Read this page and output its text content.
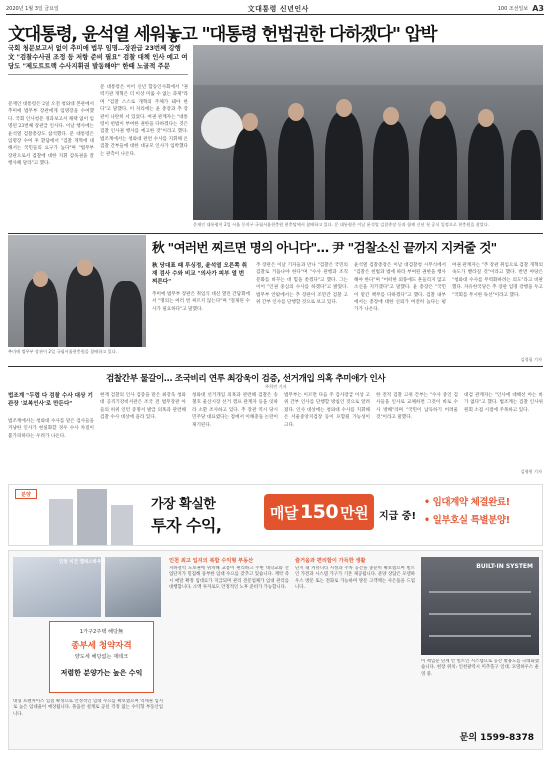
2020년 1월 3일 금요일	文대통령 신년인사	100 조선일보 A3
文대통령, 윤석열 세워놓고 "대통령 헌법권한 다하겠다" 압박
국회 청문보고서 없이 추미애 법무 임명…장관급 23번째 강행 文 "검찰수사권 조정 등 저항 준비 필요" 검찰 대책 인사 예고 여당도 "제도트트랙 수사지휘권 발동해야" 한때 노골적 주문
문재인 대통령은 2일 오전 청와대 본관에서 추미애 법무부 장관에게 임명장을 수여했다. 국회 인사청문 경과보고서 채택 없이 임명된 23번째 장관급 인사다. 이날 행사에는 윤석열 검찰총장도 참석했다. 문 대통령은 임명장 수여 후 환담에서 "검찰 개혁에 대해서는 국민들의 요구가 높다"며 "법무부 장관으로서 검찰에 대한 지휘 감독권을 잘 행사해 달라"고 했다.
문 대통령은 이어 신년 합동인사회에서 "권력기관 개혁은 더 이상 미룰 수 없는 과제"라며 "검찰 스스로 개혁의 주체가 돼야 한다"고 말했다. 이 자리에는 윤 총장과 추 장관이 나란히 서 있었다. 여권 관계자는 "대통령이 헌법이 부여한 권한을 다하겠다는 것은 검찰 인사권 행사를 예고한 것"이라고 했다. 법조계에서는 청와대 관련 수사를 지휘해 온 검찰 간부들에 대한 대규모 인사가 임박했다는 관측이 나온다.
문재인 대통령이 2일 서울 동작구 국립서울현충원 현충탑에서 참배하고 있다. 문 대통령은 이날 윤석열 검찰총장 등과 함께 신년 첫 공식 일정으로 현충원을 찾았다.
추미애 법무부 장관이 2일 국립서울현충원을 참배하고 있다.
秋 "여러번 찌르면 명의 아니다"… 尹 "검찰소신 끝까지 지켜줄 것"
秋 당대표 때 루싱정, 윤석열 오른쪽 취재 검사 수와 비교 "의사가 피부 열 번 찌른다"
추미애 법무부 장관은 취임식 대신 열린 간담회에서 "명의는 여러 번 찌르지 않는다"며 "절제된 수사가 필요하다"고 말했다.
추 장관은 이날 기자들과 만나 "검찰은 국민의 검찰로 거듭나야 한다"며 "수사 관행과 조직 문화를 바꾸는 데 힘을 쏟겠다"고 했다. 그는 이어 "인권 중심의 수사를 하겠다"고 밝혔다. 법무부 안팎에서는 추 장관이 조만간 검찰 고위 간부 인사를 단행할 것으로 보고 있다.
윤석열 검찰총장은 이날 대검찰청 시무식에서 "검찰은 헌법과 법에 따라 부여된 권한을 행사해야 한다"며 "어떠한 외풍에도 흔들리지 않고 소신을 지키겠다"고 말했다. 윤 총장은 "국민이 맡긴 책무를 다하겠다"고 했다. 검찰 내부에서는 총장에 대한 신뢰가 여전히 높다는 평가가 나온다.
여권 관계자는 "추 장관 취임으로 검찰 개혁의 속도가 빨라질 것"이라고 했다. 반면 야당은 "청와대 수사를 무력화하려는 의도"라고 비판했다. 자유한국당은 추 장관 임명 강행을 두고 "국회를 무시한 독선"이라고 했다.
김경필 기자
검찰간부 물갈이… 조국비리 연루 최강욱이 검증, 선거개입 의혹 추미애가 인사
주희연 기자
법조계 "두렵 다 검찰 수사 대상 기관장 '보복인사'로 만든다"
법조계에서는 청와대 수사를 맡은 검사들을 겨냥한 인사가 현실화할 경우 수사 차질이 불가피하다는 우려가 나온다.
현재 검찰의 인사 검증을 맡은 최강욱 청와대 공직기강비서관은 조국 전 법무장관 아들의 허위 인턴 증명서 발급 의혹과 관련해 검찰 수사 대상에 올라 있다.
청와대 선거개입 의혹과 관련해 검찰은 송철호 울산시장 선거 캠프 관계자 등을 잇따라 소환 조사하고 있다. 추 장관 역시 당시 민주당 대표였다는 점에서 이해충돌 논란이 제기된다.
법무부는 이르면 다음 주 검사장급 이상 고위 간부 인사를 단행할 방침인 것으로 알려졌다. 인사 대상에는 청와대 수사를 지휘해 온 서울중앙지검장 등이 포함될 가능성이 크다.
한 전직 검찰 고위 간부는 "수사 중인 검사들을 인사로 교체하면 그것이 바로 수사 방해"라며 "국민이 납득하기 어려울 것"이라고 말했다.
대검 관계자는 "인사에 대해선 아는 바가 없다"고 했다. 법조계는 검찰 인사위원회 소집 시점에 주목하고 있다.
김형원 기자
분양
가장 확실한
투자 수익,
매달 150 만원 지급 중!
• 임대계약 체결완료!
• 일부호실 특별분양!
인천 미건 캠퍼스하우스
1가구2주택 해당無
종부세 청약자격
양도세 해당없는 재테크
저렴한 분양가는 높은 수익
대형 프랜차이즈 입점 확정으로 안정적인 임대 수요를 확보했으며 역세권 입지로 높은 임대율이 예상됩니다. 풀옵션 설계로 공실 걱정 없는 수익형 부동산입니다.
인천 최고 입지의 복합 수익형 부동산
지하철역 도보권에 위치해 교통이 편리하고 주변 대학교와 산업단지가 밀집해 풍부한 임대 수요를 갖추고 있습니다. 계약 즉시 매달 확정 임대료가 지급되며 관리 전문업체가 임대 관리를 대행합니다. 소액 투자로도 안정적인 노후 준비가 가능합니다.
즐거움과 편리함이 가득한 생활
단지 내 커뮤니티 시설과 주차 공간을 충분히 확보했으며 빌트인 가전과 시스템 가구가 기본 제공됩니다. 분양 상담은 모델하우스 방문 또는 전화로 가능하며 방문 고객께는 사은품을 드립니다.
BUILT-IN SYSTEM
이 책임분 단계 안 빌트인 시스템으로 공간 활용도를 극대화했습니다. 현장 위치: 인천광역시 미추홀구 일대. 모델하우스 운영 중.
문의 1599-8378
